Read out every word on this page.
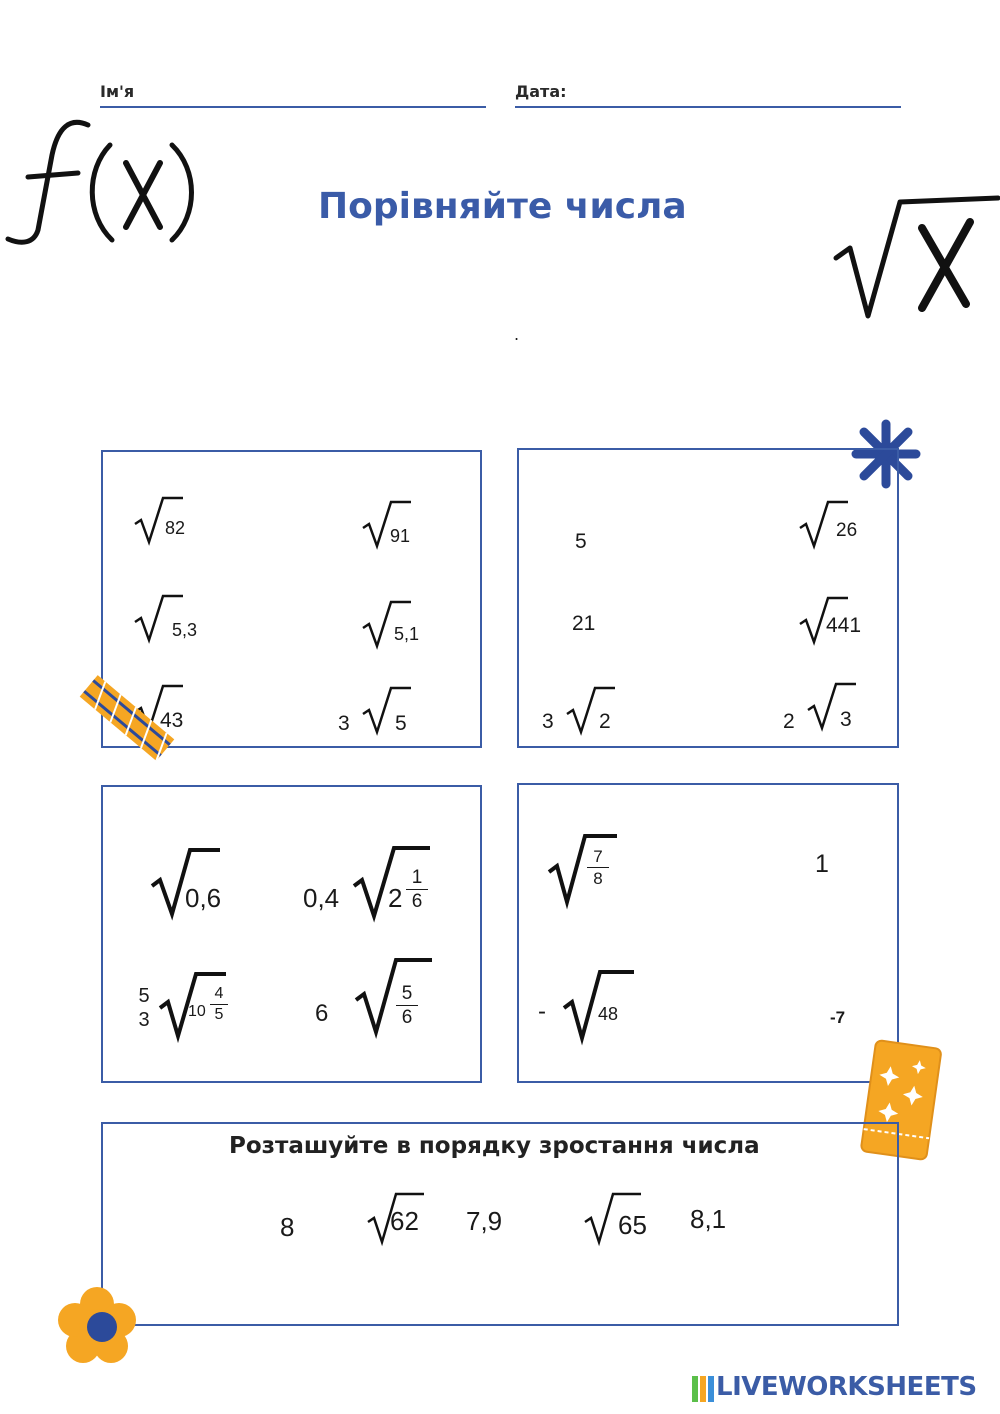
Ім'я	Дата:
Порівняйте числа
.
82	91
5,3	5,1
43	3 5
5	26
21	441
3 2	2 3
0,6	0,4 $2 \frac{1}{6}$
5
3 $10 \frac{4}{5}$	6	$\frac{5}{6}$
$\frac{7}{8}$	1
-	48	-7
Розташуйте в порядку зростання числа
8	62 7,9	65 8,1
LIVEWORKSHEETS
